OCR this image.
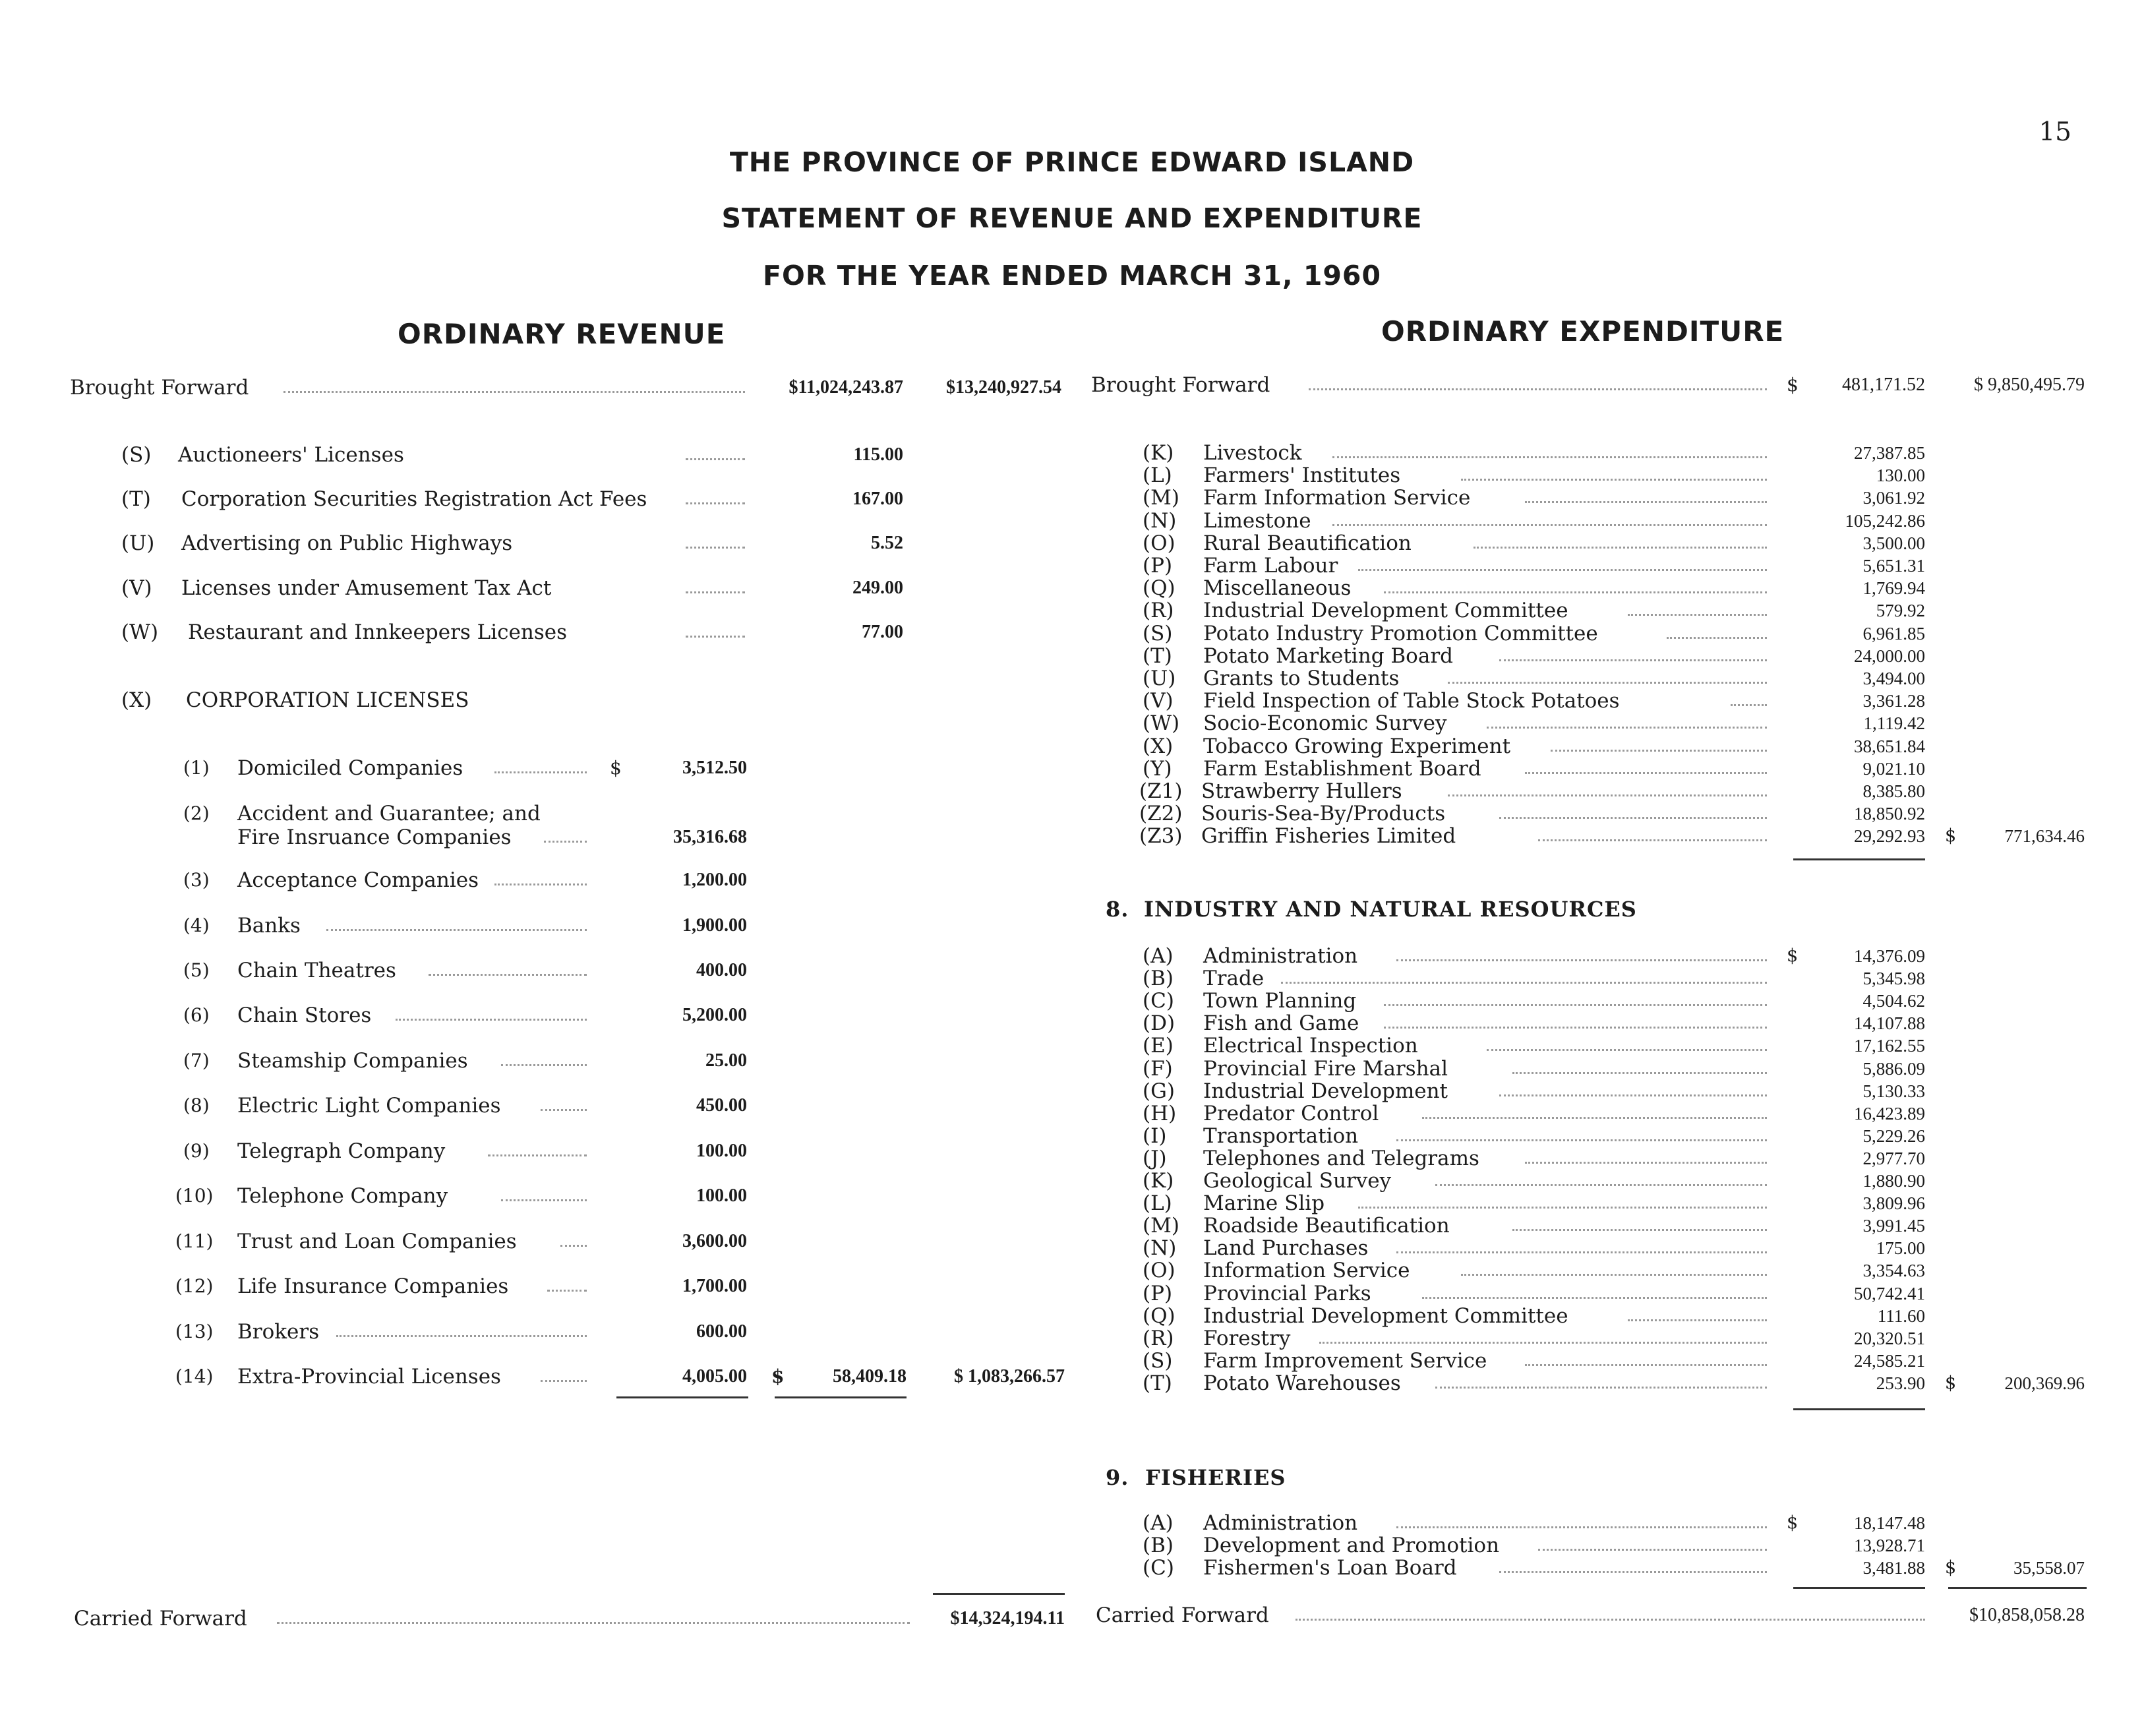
15
THE PROVINCE OF PRINCE EDWARD ISLAND
STATEMENT OF REVENUE AND EXPENDITURE
FOR THE YEAR ENDED MARCH 31, 1960
ORDINARY REVENUE	ORDINARY EXPENDITURE
Brought Forward	$11,024,243.87	$13,240,927.54
(S) Auctioneers' Licenses	115.00
(T) Corporation Securities Registration Act Fees	167.00
(U) Advertising on Public Highways	5.52
(V) Licenses under Amusement Tax Act	249.00
(W) Restaurant and Innkeepers Licenses	77.00
(X) CORPORATION LICENSES
(1) Domiciled Companies	$	3,512.50
(2) Accident and Guarantee; and
Fire Insruance Companies	35,316.68
(3) Acceptance Companies	1,200.00
(4) Banks	1,900.00
(5) Chain Theatres	400.00
(6) Chain Stores	5,200.00
(7) Steamship Companies	25.00
(8) Electric Light Companies	450.00
(9) Telegraph Company	100.00
(10) Telephone Company	100.00
(11) Trust and Loan Companies	3,600.00
(12) Life Insurance Companies	1,700.00
(13) Brokers	600.00
(14) Extra-Provincial Licenses	4,005.00 $	58,409.18	$ 1,083,266.57
Carried Forward	$14,324,194.11
Brought Forward	$	481,171.52	$ 9,850,495.79
(K) Livestock	27,387.85
(L) Farmers' Institutes	130.00
(M) Farm Information Service	3,061.92
(N) Limestone	105,242.86
(O) Rural Beautification	3,500.00
(P) Farm Labour	5,651.31
(Q) Miscellaneous	1,769.94
(R) Industrial Development Committee	579.92
(S) Potato Industry Promotion Committee	6,961.85
(T) Potato Marketing Board	24,000.00
(U) Grants to Students	3,494.00
(V) Field Inspection of Table Stock Potatoes	3,361.28
(W) Socio-Economic Survey	1,119.42
(X) Tobacco Growing Experiment	38,651.84
(Y) Farm Establishment Board	9,021.10
(Z1) Strawberry Hullers	8,385.80
(Z2) Souris-Sea-By/Products	18,850.92
(Z3) Griffin Fisheries Limited	29,292.93 $	771,634.46
8. INDUSTRY AND NATURAL RESOURCES
(A) Administration	$	14,376.09
(B) Trade	5,345.98
(C) Town Planning	4,504.62
(D) Fish and Game	14,107.88
(E) Electrical Inspection	17,162.55
(F) Provincial Fire Marshal	5,886.09
(G) Industrial Development	5,130.33
(H) Predator Control	16,423.89
(I) Transportation	5,229.26
(J) Telephones and Telegrams	2,977.70
(K) Geological Survey	1,880.90
(L) Marine Slip	3,809.96
(M) Roadside Beautification	3,991.45
(N) Land Purchases	175.00
(O) Information Service	3,354.63
(P) Provincial Parks	50,742.41
(Q) Industrial Development Committee	111.60
(R) Forestry	20,320.51
(S) Farm Improvement Service	24,585.21
(T) Potato Warehouses	253.90 $	200,369.96
9. FISHERIES
(A) Administration	$	18,147.48
(B) Development and Promotion	13,928.71
(C) Fishermen's Loan Board	3,481.88 $	35,558.07
Carried Forward	$10,858,058.28
